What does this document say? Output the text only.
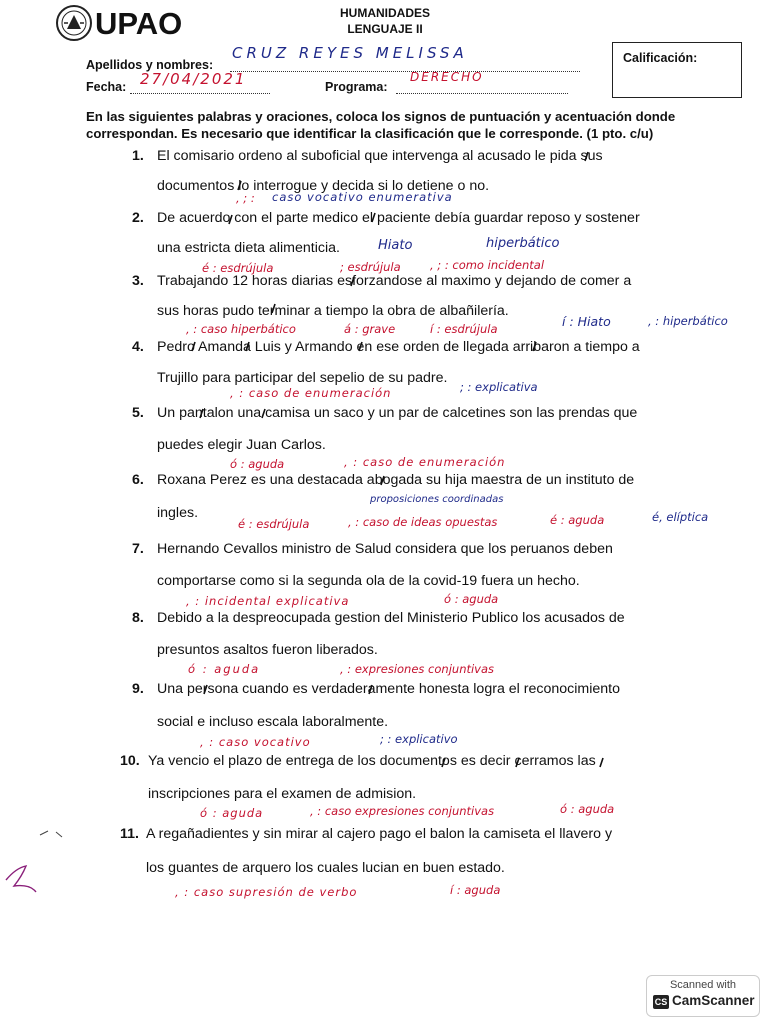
UPAO	HUMANIDADES
LENGUAJE II
Apellidos y nombres:
CRUZ REYES MELISSA
Fecha: 27/04/2021	Programa:
DERECHO
Calificación:
En las siguientes palabras y oraciones, coloca los signos de puntuación y acentuación donde correspondan. Es necesario que identificar la clasificación que le corresponde. (1 pto. c/u)
1. El comisario ordeno al suboficial que intervenga al acusado le pida sus
documentos lo interrogue y decida si lo detiene o no.
2. De acuerdo con el parte medico el paciente debía guardar reposo y sostener
una estricta dieta alimenticia.
3. Trabajando 12 horas diarias esforzandose al maximo y dejando de comer a
sus horas pudo terminar a tiempo la obra de albañilería.
4. Pedro Amanda Luis y Armando en ese orden de llegada arribaron a tiempo a
Trujillo para participar del sepelio de su padre.
5. Un pantalon una camisa un saco y un par de calcetines son las prendas que
puedes elegir Juan Carlos.
6. Roxana Perez es una destacada abogada su hija maestra de un instituto de
ingles.
7. Hernando Cevallos ministro de Salud considera que los peruanos deben
comportarse como si la segunda ola de la covid-19 fuera un hecho.
8. Debido a la despreocupada gestion del Ministerio Publico los acusados de
presuntos asaltos fueron liberados.
9. Una persona cuando es verdaderamente honesta logra el reconocimiento
social e incluso escala laboralmente.
10. Ya vencio el plazo de entrega de los documentos es decir cerramos las
inscripciones para el examen de admision.
11. A regañadientes y sin mirar al cajero pago el balon la camiseta el llavero y
los guantes de arquero los cuales lucian en buen estado.
, ; : caso vocativo enumerativa
Hiato	hiperbático
é : esdrújula	; esdrújula	, ; : como incidental
, : caso hiperbático	á : grave	í : esdrújula	í : Hiato	, : hiperbático
, : caso de enumeración	; : explicativa
ó : aguda	, : caso de enumeración
proposiciones coordinadas
é : esdrújula	, : caso de ideas opuestas	é : aguda	é, elíptica
, : incidental explicativa	ó : aguda
ó : aguda	, : expresiones conjuntivas
, : caso vocativo	; : explicativo
ó : aguda	, : caso expresiones conjuntivas	ó : aguda
, : caso supresión de verbo	í : aguda
Scanned with
CS CamScanner
